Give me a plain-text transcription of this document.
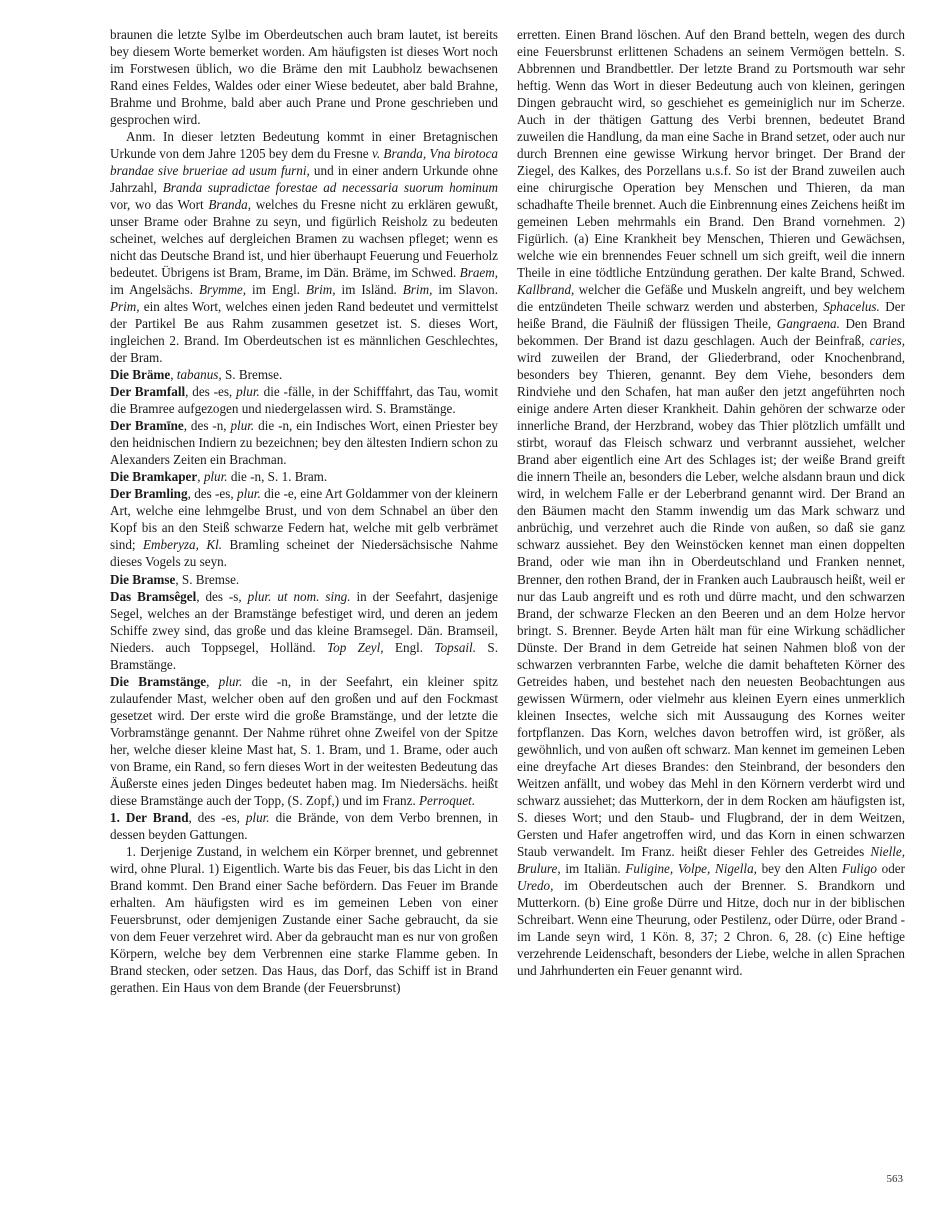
braunen die letzte Sylbe im Oberdeutschen auch bram lautet, ist bereits bey diesem Worte bemerket worden. Am häufigsten ist dieses Wort noch im Forstwesen üblich, wo die Bräme den mit Laubholz bewachsenen Rand eines Feldes, Waldes oder einer Wiese bedeutet, aber bald Brahne, Brahme und Brohme, bald aber auch Prane und Prone geschrieben und gesprochen wird.

Anm. In dieser letzten Bedeutung kommt in einer Bretagnischen Urkunde von dem Jahre 1205 bey dem du Fresne v. Branda, Vna birotoca brandae sive brueriae ad usum furni, und in einer andern Urkunde ohne Jahrzahl, Branda supradictae forestae ad necessaria suorum hominum vor, wo das Wort Branda, welches du Fresne nicht zu erklären gewußt, unser Brame oder Brahne zu seyn, und figürlich Reisholz zu bedeuten scheinet, welches auf dergleichen Bramen zu wachsen pfleget; wenn es nicht das Deutsche Brand ist, und hier überhaupt Feuerung und Feuerholz bedeutet. Übrigens ist Bram, Brame, im Dän. Bräme, im Schwed. Braem, im Angelsächs. Brymme, im Engl. Brim, im Isländ. Brim, im Slavon. Prim, ein altes Wort, welches einen jeden Rand bedeutet und vermittelst der Partikel Be aus Rahm zusammen gesetzet ist. S. dieses Wort, ingleichen 2. Brand. Im Oberdeutschen ist es männlichen Geschlechtes, der Bram.

Die Bräme, tabanus, S. Bremse.

Der Bramfall, des -es, plur. die -fälle, in der Schifffahrt, das Tau, womit die Bramree aufgezogen und niedergelassen wird. S. Bramstänge.

Der Bramīne, des -n, plur. die -n, ein Indisches Wort, einen Priester bey den heidnischen Indiern zu bezeichnen; bey den ältesten Indiern schon zu Alexanders Zeiten ein Brachman.

Die Bramkaper, plur. die -n, S. 1. Bram.

Der Bramling, des -es, plur. die -e, eine Art Goldammer von der kleinern Art, welche eine lehmgelbe Brust, und von dem Schnabel an über den Kopf bis an den Steiß schwarze Federn hat, welche mit gelb verbrämet sind; Emberyza, Kl. Bramling scheinet der Niedersächsische Nahme dieses Vogels zu seyn.

Die Bramse, S. Bremse.

Das Bramsêgel, des -s, plur. ut nom. sing. in der Seefahrt, dasjenige Segel, welches an der Bramstänge befestiget wird, und deren an jedem Schiffe zwey sind, das große und das kleine Bramsegel. Dän. Bramseil, Nieders. auch Toppsegel, Holländ. Top Zeyl, Engl. Topsail. S. Bramstänge.

Die Bramstänge, plur. die -n, in der Seefahrt, ein kleiner spitz zulaufender Mast, welcher oben auf den großen und auf den Fockmast gesetzet wird. Der erste wird die große Bramstänge, und der letzte die Vorbramstänge genannt. Der Nahme rühret ohne Zweifel von der Spitze her, welche dieser kleine Mast hat, S. 1. Bram, und 1. Brame, oder auch von Brame, ein Rand, so fern dieses Wort in der weitesten Bedeutung das Äußerste eines jeden Dinges bedeutet haben mag. Im Niedersächs. heißt diese Bramstänge auch der Topp, (S. Zopf,) und im Franz. Perroquet.

1. Der Brand, des -es, plur. die Brände, von dem Verbo brennen, in dessen beyden Gattungen.

1. Derjenige Zustand, in welchem ein Körper brennet, und gebrennet wird, ohne Plural. 1) Eigentlich. Warte bis das Feuer, bis das Licht in den Brand kommt. Den Brand einer Sache befördern. Das Feuer im Brande erhalten. Am häufigsten wird es im gemeinen Leben von einer Feuersbrunst, oder demjenigen Zustande einer Sache gebraucht, da sie von dem Feuer verzehret wird. Aber da gebraucht man es nur von großen Körpern, welche bey dem Verbrennen eine starke Flamme geben. In Brand stecken, oder setzen. Das Haus, das Dorf, das Schiff ist in Brand gerathen. Ein Haus von dem Brande (der Feuersbrunst)

erretten. Einen Brand löschen. Auf den Brand betteln, wegen des durch eine Feuersbrunst erlittenen Schadens an seinem Vermögen betteln. S. Abbrennen und Brandbettler. Der letzte Brand zu Portsmouth war sehr heftig. Wenn das Wort in dieser Bedeutung auch von kleinen, geringen Dingen gebraucht wird, so geschiehet es gemeiniglich nur im Scherze. Auch in der thätigen Gattung des Verbi brennen, bedeutet Brand zuweilen die Handlung, da man eine Sache in Brand setzet, oder auch nur durch Brennen eine gewisse Wirkung hervor bringet. Der Brand der Ziegel, des Kalkes, des Porzellans u.s.f. So ist der Brand zuweilen auch eine chirurgische Operation bey Menschen und Thieren, da man schadhafte Theile brennet. Auch die Einbrennung eines Zeichens heißt im gemeinen Leben mehrmahls ein Brand. Den Brand vornehmen. 2) Figürlich. (a) Eine Krankheit bey Menschen, Thieren und Gewächsen, welche wie ein brennendes Feuer schnell um sich greift, weil die innern Theile in eine tödtliche Entzündung gerathen. Der kalte Brand, Schwed. Kallbrand, welcher die Gefäße und Muskeln angreift, und bey welchem die entzündeten Theile schwarz werden und absterben, Sphacelus. Der heiße Brand, die Fäulniß der flüssigen Theile, Gangraena. Den Brand bekommen. Der Brand ist dazu geschlagen. Auch der Beinfraß, caries, wird zuweilen der Brand, der Gliederbrand, oder Knochenbrand, besonders bey Thieren, genannt. Bey dem Viehe, besonders dem Rindviehe und den Schafen, hat man außer den jetzt angeführten noch einige andere Arten dieser Krankheit. Dahin gehören der schwarze oder innerliche Brand, der Herzbrand, wobey das Thier plötzlich umfällt und stirbt, worauf das Fleisch schwarz und verbrannt aussiehet, welcher Brand aber eigentlich eine Art des Schlages ist; der weiße Brand greift die innern Theile an, besonders die Leber, welche alsdann braun und dick wird, in welchem Falle er der Leberbrand genannt wird. Der Brand an den Bäumen macht den Stamm inwendig um das Mark schwarz und anbrüchig, und verzehret auch die Rinde von außen, so daß sie ganz schwarz aussiehet. Bey den Weinstöcken kennet man einen doppelten Brand, oder wie man ihn in Oberdeutschland und Franken nennet, Brenner, den rothen Brand, der in Franken auch Laubrausch heißt, weil er nur das Laub angreift und es roth und dürre macht, und den schwarzen Brand, der schwarze Flecken an den Beeren und an dem Holze hervor bringt. S. Brenner. Beyde Arten hält man für eine Wirkung schädlicher Dünste. Der Brand in dem Getreide hat seinen Nahmen bloß von der schwarzen verbrannten Farbe, welche die damit behafteten Körner des Getreides haben, und bestehet nach den neuesten Beobachtungen aus gewissen Würmern, oder vielmehr aus kleinen Eyern eines unmerklich kleinen Insectes, welche sich mit Aussaugung des Kornes weiter fortpflanzen. Das Korn, welches davon betroffen wird, ist größer, als gewöhnlich, und von außen oft schwarz. Man kennet im gemeinen Leben eine dreyfache Art dieses Brandes: den Steinbrand, der besonders den Weitzen anfällt, und wobey das Mehl in den Körnern verderbt wird und schwarz aussiehet; das Mutterkorn, der in dem Rocken am häufigsten ist, S. dieses Wort; und den Staub- und Flugbrand, der in dem Weitzen, Gersten und Hafer angetroffen wird, und das Korn in einen schwarzen Staub verwandelt. Im Franz. heißt dieser Fehler des Getreides Nielle, Brulure, im Italiän. Fuligine, Volpe, Nigella, bey den Alten Fuligo oder Uredo, im Oberdeutschen auch der Brenner. S. Brandkorn und Mutterkorn. (b) Eine große Dürre und Hitze, doch nur in der biblischen Schreibart. Wenn eine Theurung, oder Pestilenz, oder Dürre, oder Brand -im Lande seyn wird, 1 Kön. 8, 37; 2 Chron. 6, 28. (c) Eine heftige verzehrende Leidenschaft, besonders der Liebe, welche in allen Sprachen und Jahrhunderten ein Feuer genannt wird.

563
